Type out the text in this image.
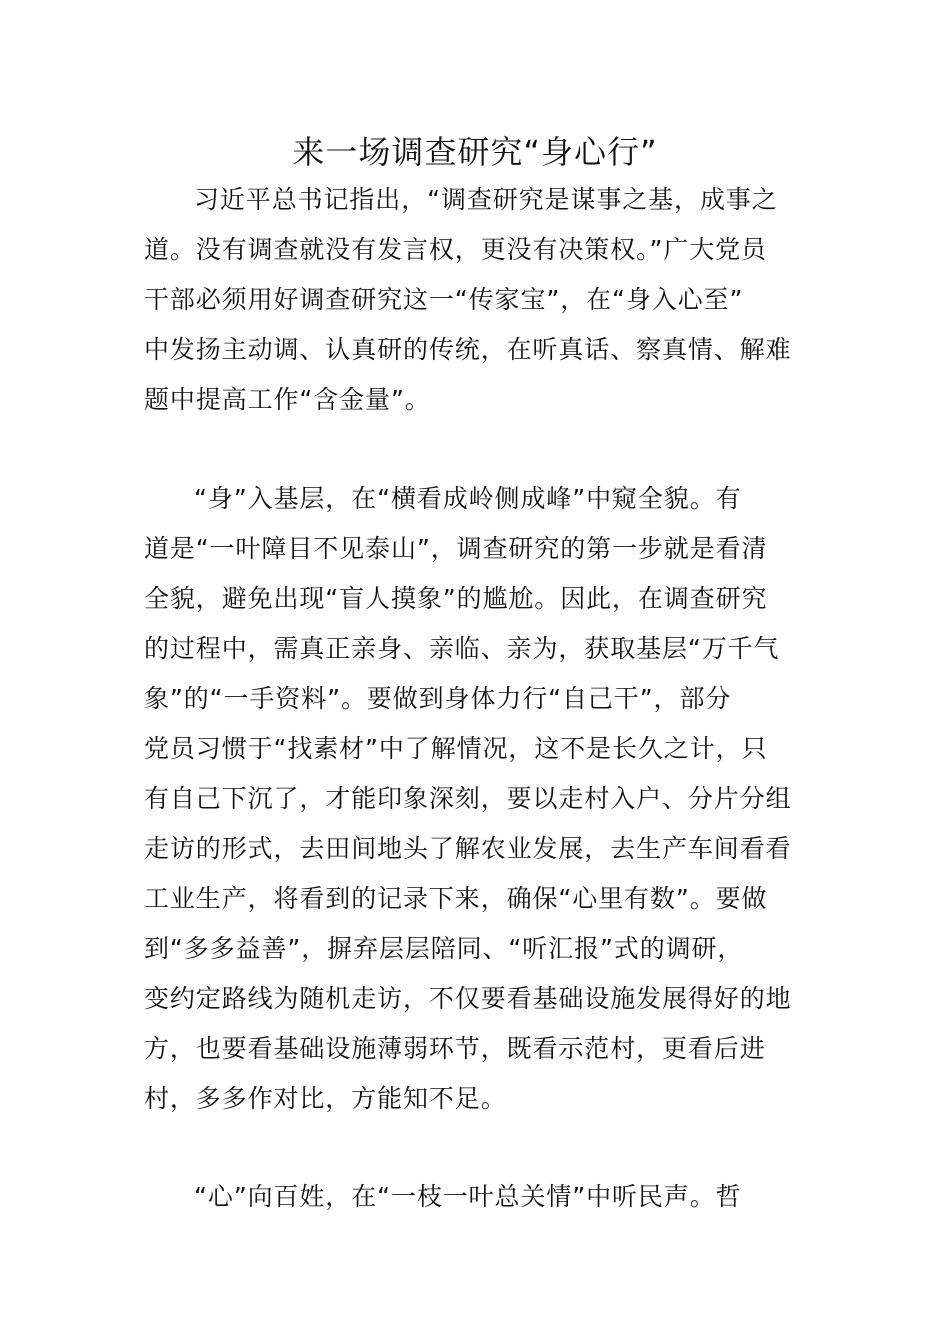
来一场调查研究“身心行”
习近平总书记指出，“调查研究是谋事之基，成事之
道。没有调查就没有发言权，更没有决策权。”广大党员
干部必须用好调查研究这一“传家宝”，在“身入心至”
中发扬主动调、认真研的传统，在听真话、察真情、解难
题中提高工作“含金量”。
“身”入基层，在“横看成岭侧成峰”中窥全貌。有
道是“一叶障目不见泰山”，调查研究的第一步就是看清
全貌，避免出现“盲人摸象”的尴尬。因此，在调查研究
的过程中，需真正亲身、亲临、亲为，获取基层“万千气
象”的“一手资料”。要做到身体力行“自己干”，部分
党员习惯于“找素材”中了解情况，这不是长久之计，只
有自己下沉了，才能印象深刻，要以走村入户、分片分组
走访的形式，去田间地头了解农业发展，去生产车间看看
工业生产，将看到的记录下来，确保“心里有数”。要做
到“多多益善”，摒弃层层陪同、“听汇报”式的调研，
变约定路线为随机走访，不仅要看基础设施发展得好的地
方，也要看基础设施薄弱环节，既看示范村，更看后进
村，多多作对比，方能知不足。
“心”向百姓，在“一枝一叶总关情”中听民声。哲
